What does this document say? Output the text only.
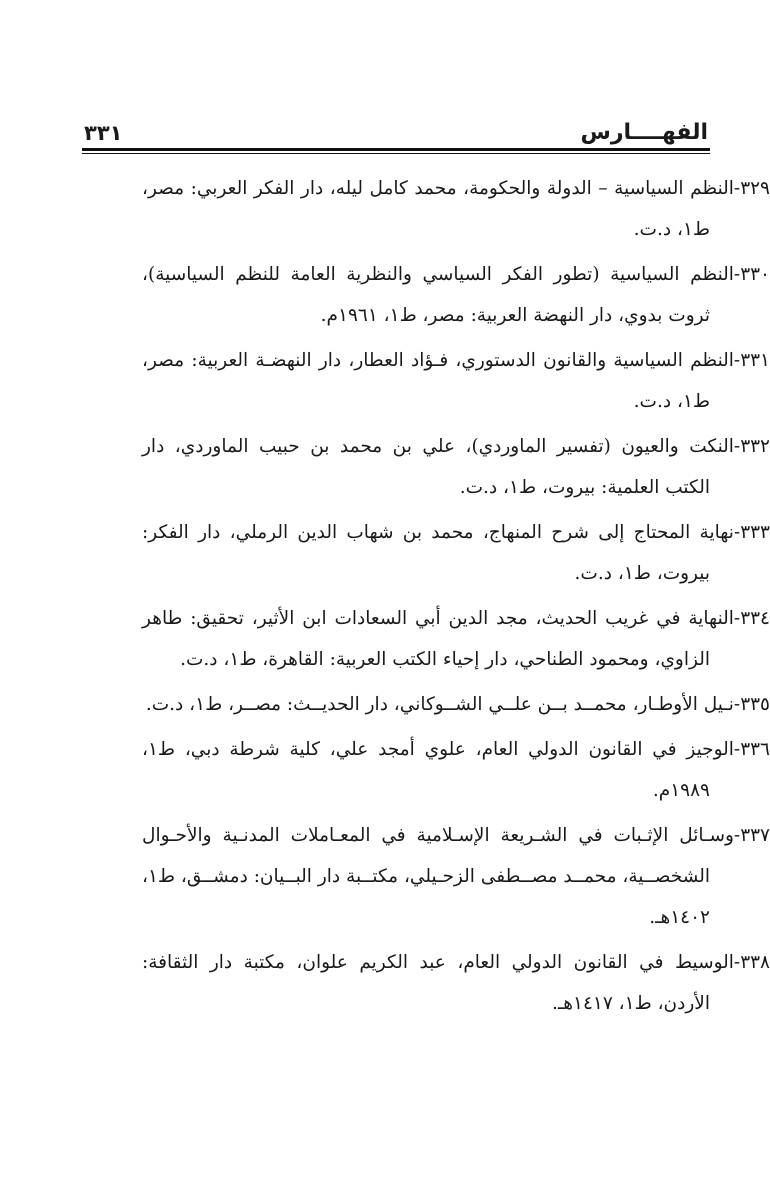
الفهــــارس
٣٣١

٣٢٩-النظم السياسية – الدولة والحكومة، محمد كامل ليله، دار الفكر العربي: مصر، ط١، د.ت.

٣٣٠-النظم السياسية (تطور الفكر السياسي والنظرية العامة للنظم السياسية)، ثروت بدوي، دار النهضة العربية: مصر، ط١، ١٩٦١م.

٣٣١-النظم السياسية والقانون الدستوري، فـؤاد العطار، دار النهضـة العربية: مصر، ط١، د.ت.

٣٣٢-النكت والعيون (تفسير الماوردي)، علي بن محمد بن حبيب الماوردي، دار الكتب العلمية: بيروت، ط١، د.ت.

٣٣٣-نهاية المحتاج إلى شرح المنهاج، محمد بن شهاب الدين الرملي، دار الفكر: بيروت، ط١، د.ت.

٣٣٤-النهاية في غريب الحديث، مجد الدين أبي السعادات ابن الأثير، تحقيق: طاهر الزاوي، ومحمود الطناحي، دار إحياء الكتب العربية: القاهرة، ط١، د.ت.

٣٣٥-نـيل الأوطـار، محمــد بــن علــي الشــوكاني، دار الحديــث: مصــر، ط١، د.ت.

٣٣٦-الوجيز في القانون الدولي العام، علوي أمجد علي، كلية شرطة دبي، ط١، ١٩٨٩م.

٣٣٧-وسـائل الإثـبات في الشـريعة الإسـلامية في المعـاملات المدنـية والأحـوال الشخصــية، محمــد مصــطفى الزحـيلي، مكتــبة دار البــيان: دمشــق، ط١، ١٤٠٢هـ.

٣٣٨-الوسيط في القانون الدولي العام، عبد الكريم علوان، مكتبة دار الثقافة: الأردن، ط١، ١٤١٧هـ.
